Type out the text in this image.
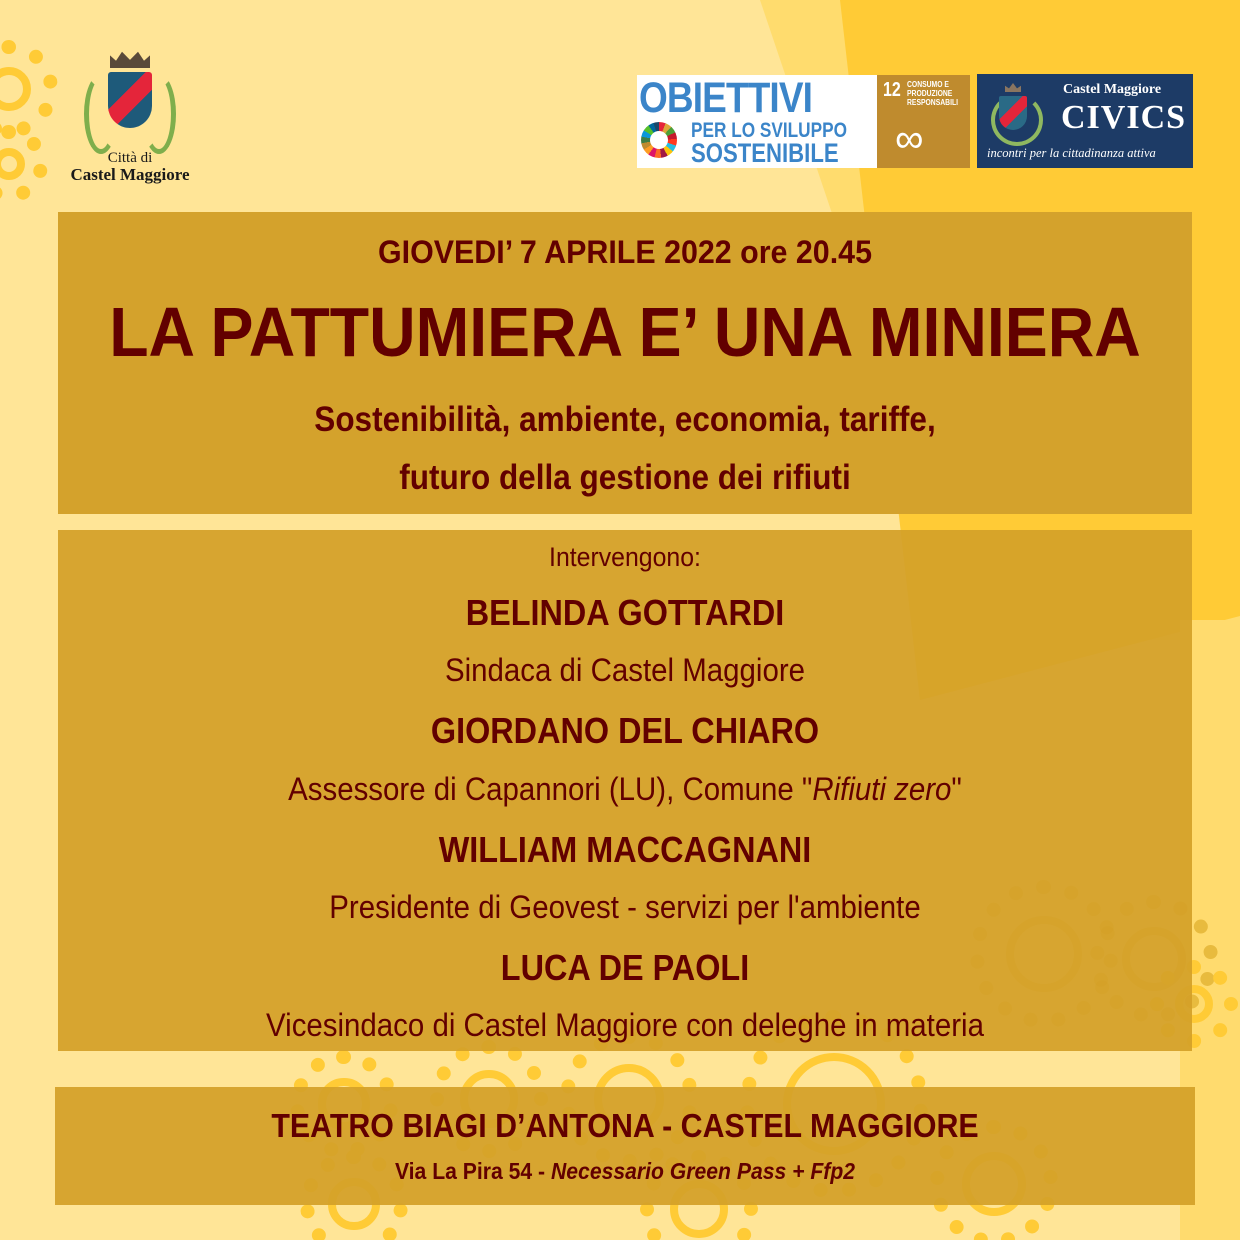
Città di
Castel Maggiore
OBIETTIVI
PER LO SVILUPPO
SOSTENIBILE
12 CONSUMO E
PRODUZIONE
RESPONSABILI
∞
Castel Maggiore
CIVICS
incontri per la cittadinanza attiva
GIOVEDI’ 7 APRILE 2022 ore 20.45
LA PATTUMIERA E’ UNA MINIERA
Sostenibilità, ambiente, economia, tariffe,
futuro della gestione dei rifiuti
Intervengono:
BELINDA GOTTARDI
Sindaca di Castel Maggiore
GIORDANO DEL CHIARO
Assessore di Capannori (LU), Comune "Rifiuti zero"
WILLIAM MACCAGNANI
Presidente di Geovest - servizi per l'ambiente
LUCA DE PAOLI
Vicesindaco di Castel Maggiore con deleghe in materia
TEATRO BIAGI D’ANTONA - CASTEL MAGGIORE
Via La Pira 54 - Necessario Green Pass + Ffp2
